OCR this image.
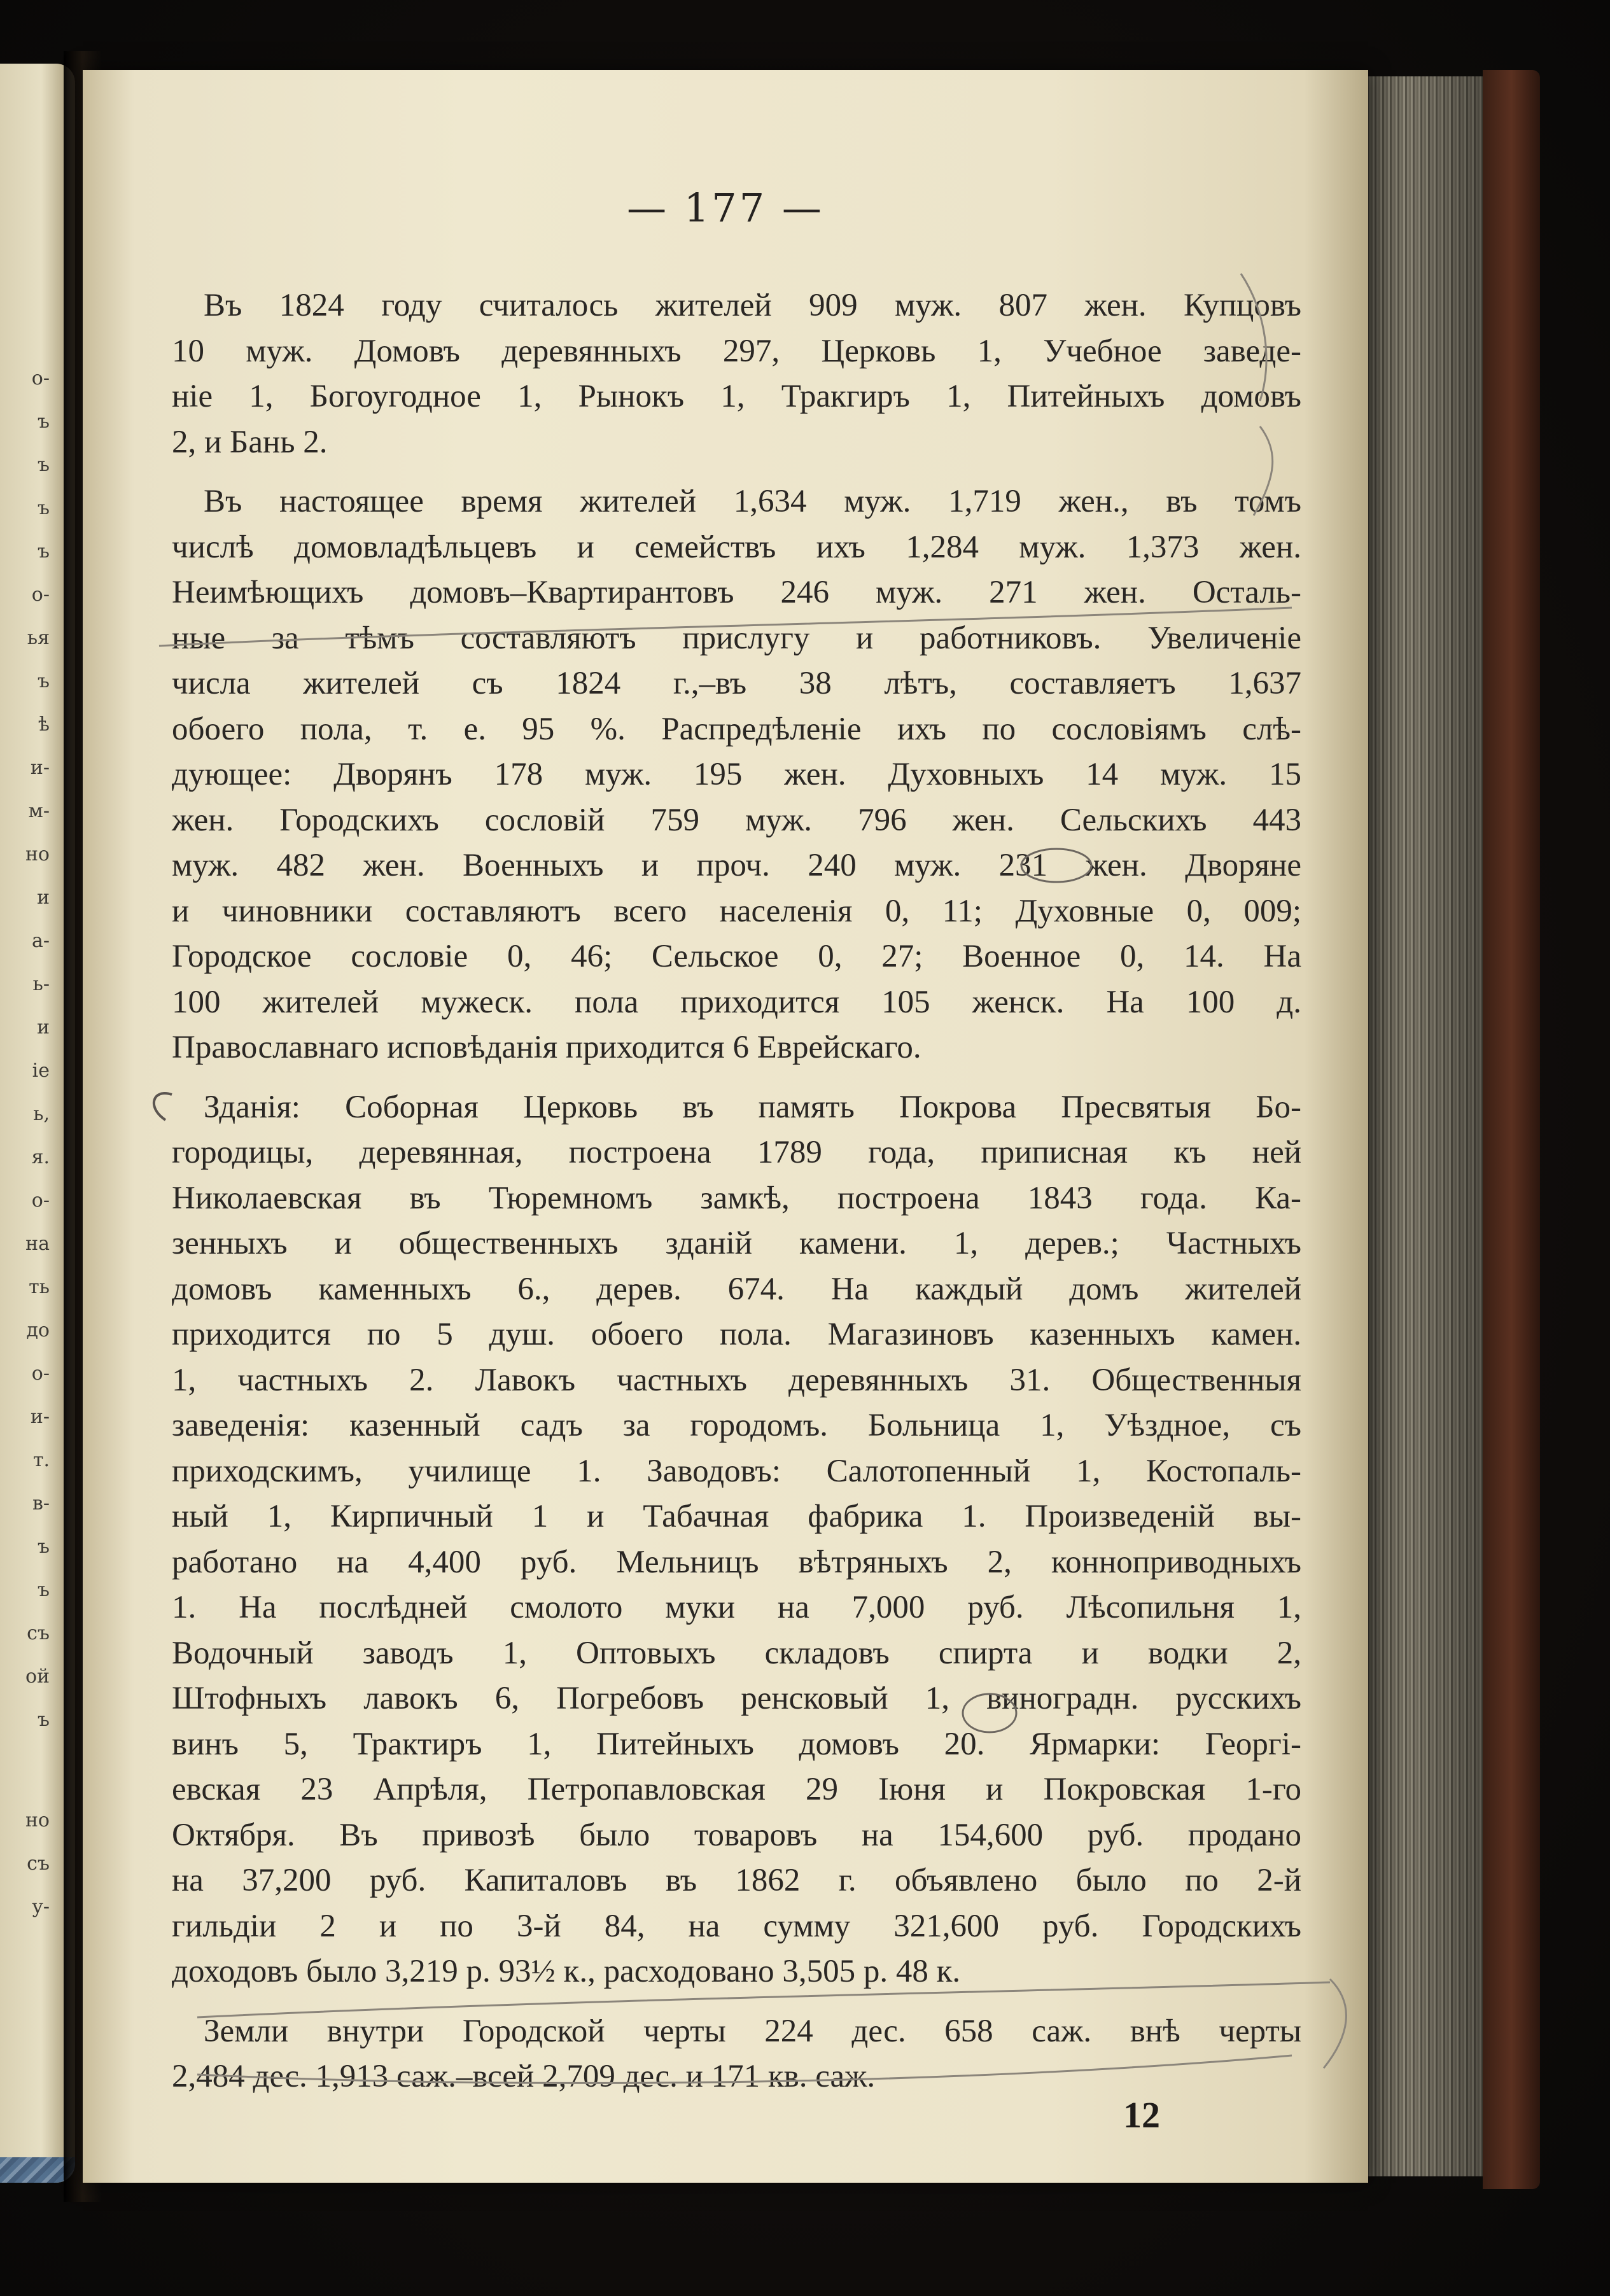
о-
ъ
ъ
ъ
ъ
о-
ья
ъ
ѣ
и-
м-
но
и
а-
ь-
и
іе
ь,
я.
о-
на
ть
до
о-
и-
т.
в-
ъ
ъ
съ
ой
ъ
но
съ
у-
— 177 —
Въ 1824 году считалось жителей 909 муж. 807 жен. Купцовъ
10 муж. Домовъ деревянныхъ 297, Церковь 1, Учебное заведе-
ніе 1, Богоугодное 1, Рынокъ 1, Тракгиръ 1, Питейныхъ домовъ
2, и Бань 2.
Въ настоящее время жителей 1,634 муж. 1,719 жен., въ томъ
числѣ домовладѣльцевъ и семействъ ихъ 1,284 муж. 1,373 жен.
Неимѣющихъ домовъ–Квартирантовъ 246 муж. 271 жен. Осталь-
ные за тѣмъ составляютъ прислугу и работниковъ. Увеличеніе
числа жителей съ 1824 г.,–въ 38 лѣтъ, составляетъ 1,637
обоего пола, т. е. 95 %. Распредѣленіе ихъ по сословіямъ слѣ-
дующее: Дворянъ 178 муж. 195 жен. Духовныхъ 14 муж. 15
жен. Городскихъ сословій 759 муж. 796 жен. Сельскихъ 443
муж. 482 жен. Военныхъ и проч. 240 муж. 231 жен. Дворяне
и чиновники составляютъ всего населенія 0, 11; Духовные 0, 009;
Городское сословіе 0, 46; Сельское 0, 27; Военное 0, 14. На
100 жителей мужеск. пола приходится 105 женск. На 100 д.
Православнаго исповѣданія приходится 6 Еврейскаго.
Зданія: Соборная Церковь въ память Покрова Пресвятыя Бо-
городицы, деревянная, построена 1789 года, приписная къ ней
Николаевская въ Тюремномъ замкѣ, построена 1843 года. Ка-
зенныхъ и общественныхъ зданій камени. 1, дерев.; Частныхъ
домовъ каменныхъ 6., дерев. 674. На каждый домъ жителей
приходится по 5 душ. обоего пола. Магазиновъ казенныхъ камен.
1, частныхъ 2. Лавокъ частныхъ деревянныхъ 31. Общественныя
заведенія: казенный садъ за городомъ. Больница 1, Уѣздное, съ
приходскимъ, училище 1. Заводовъ: Салотопенный 1, Костопаль-
ный 1, Кирпичный 1 и Табачная фабрика 1. Произведеній вы-
работано на 4,400 руб. Мельницъ вѣтряныхъ 2, конноприводныхъ
1. На послѣдней смолото муки на 7,000 руб. Лѣсопильня 1,
Водочный заводъ 1, Оптовыхъ складовъ спирта и водки 2,
Штофныхъ лавокъ 6, Погребовъ ренсковый 1, виноградн. русскихъ
винъ 5, Трактиръ 1, Питейныхъ домовъ 20. Ярмарки: Георгі-
евская 23 Апрѣля, Петропавловская 29 Іюня и Покровская 1-го
Октября. Въ привозѣ было товаровъ на 154,600 руб. продано
на 37,200 руб. Капиталовъ въ 1862 г. объявлено было по 2-й
гильдіи 2 и по 3-й 84, на сумму 321,600 руб. Городскихъ
доходовъ было 3,219 р. 93½ к., расходовано 3,505 р. 48 к.
Земли внутри Городской черты 224 дес. 658 саж. внѣ черты
2,484 дес. 1,913 саж.–всей 2,709 дес. и 171 кв. саж.
12
